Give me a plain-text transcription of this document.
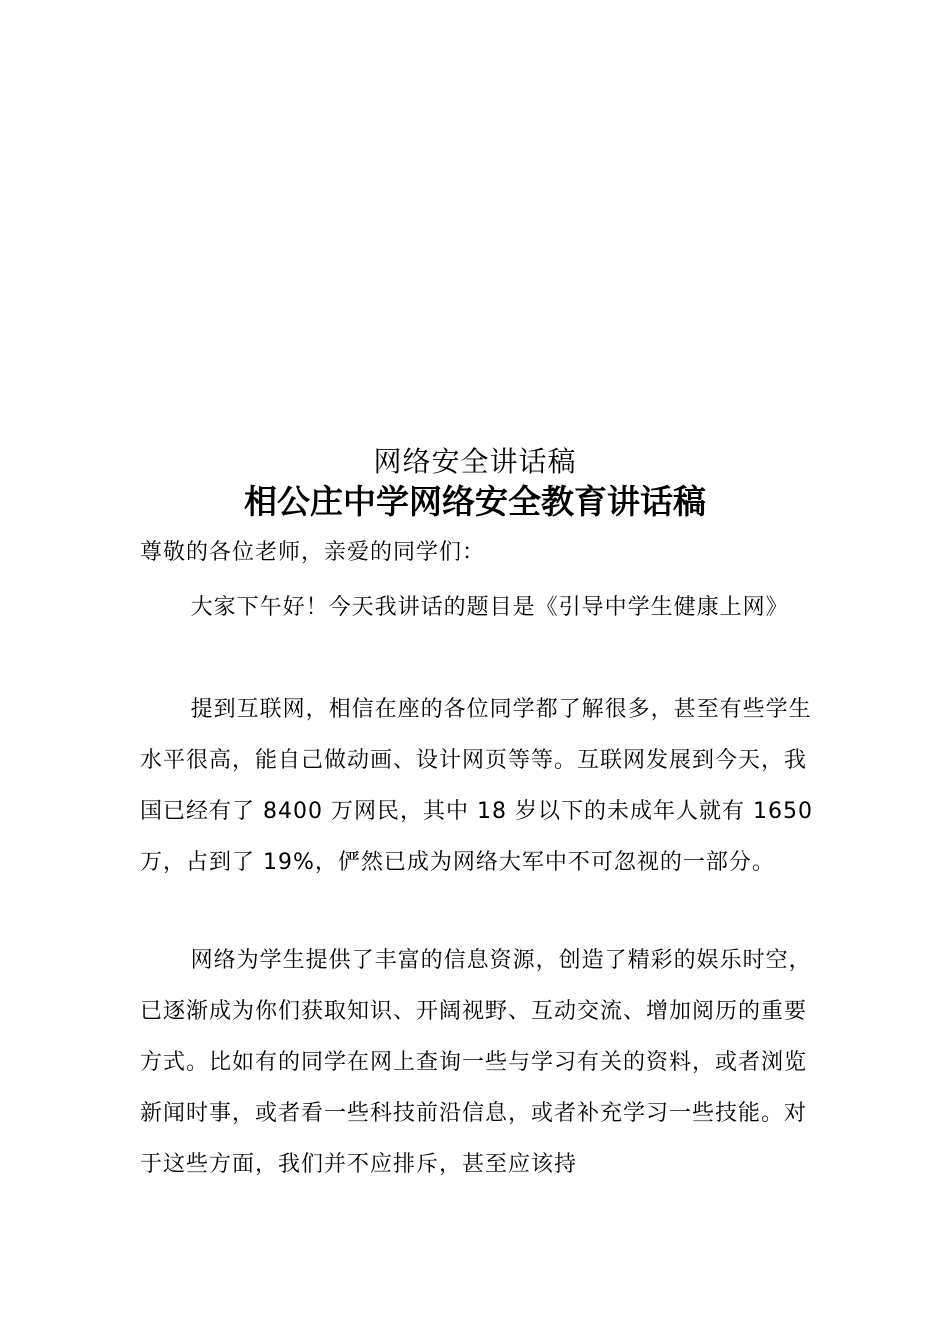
网络安全讲话稿
相公庄中学网络安全教育讲话稿

尊敬的各位老师，亲爱的同学们：

大家下午好！今天我讲话的题目是《引导中学生健康上网》

提到互联网，相信在座的各位同学都了解很多，甚至有些学生水平很高，能自己做动画、设计网页等等。互联网发展到今天，我国已经有了 8400 万网民，其中 18 岁以下的未成年人就有 1650 万，占到了 19%，俨然已成为网络大军中不可忽视的一部分。

网络为学生提供了丰富的信息资源，创造了精彩的娱乐时空，已逐渐成为你们获取知识、开阔视野、互动交流、增加阅历的重要方式。比如有的同学在网上查询一些与学习有关的资料，或者浏览新闻时事，或者看一些科技前沿信息，或者补充学习一些技能。对于这些方面，我们并不应排斥，甚至应该持
